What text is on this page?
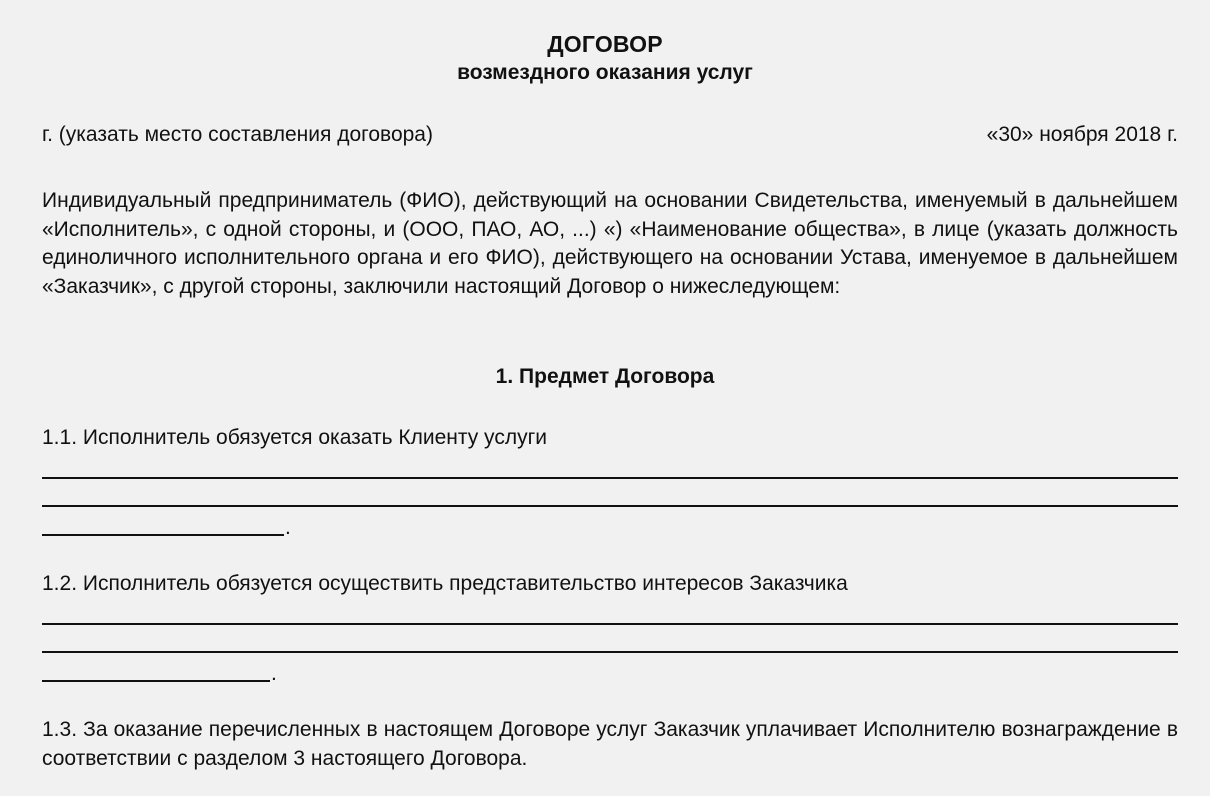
ДОГОВОР
возмездного оказания услуг
г. (указать место составления договора)	«30» ноября 2018 г.
Индивидуальный предприниматель (ФИО), действующий на основании Свидетельства, именуемый в дальнейшем «Исполнитель», с одной стороны, и (ООО, ПАО, АО, ...) «) «Наименование общества», в лице (указать должность единоличного исполнительного органа и его ФИО), действующего на основании Устава, именуемое в дальнейшем «Заказчик», с другой стороны, заключили настоящий Договор о нижеследующем:
1. Предмет Договора
1.1. Исполнитель обязуется оказать Клиенту услуги
.
1.2. Исполнитель обязуется осуществить представительство интересов Заказчика
.
1.3. За оказание перечисленных в настоящем Договоре услуг Заказчик уплачивает Исполнителю вознаграждение в соответствии с разделом 3 настоящего Договора.
